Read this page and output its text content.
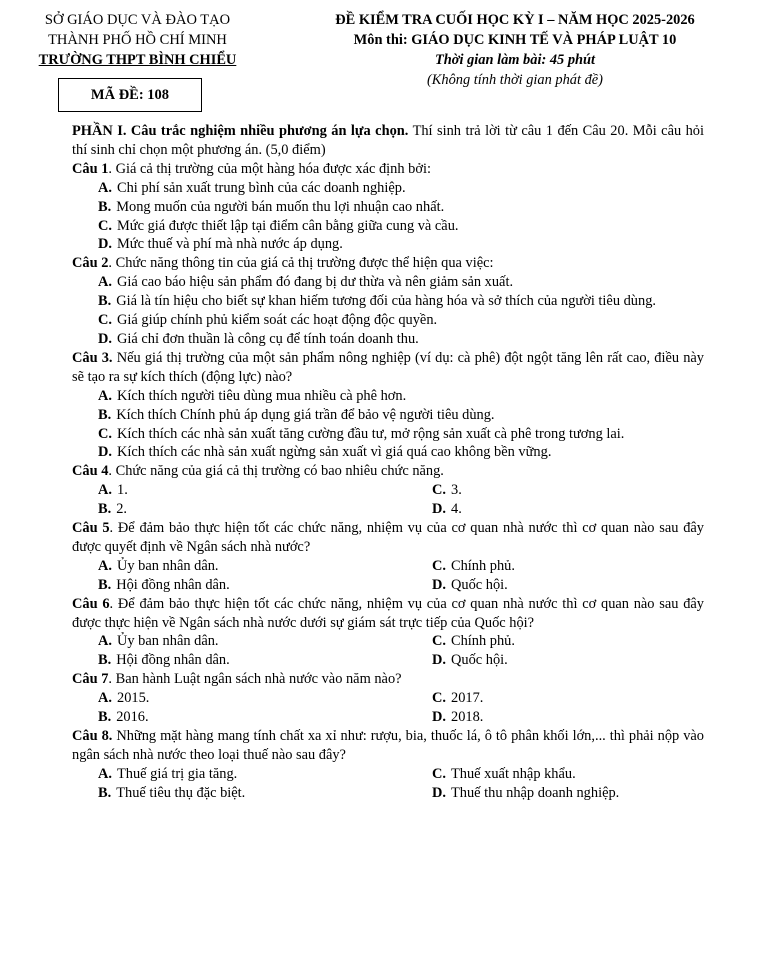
SỞ GIÁO DỤC VÀ ĐÀO TẠO
THÀNH PHỐ HỒ CHÍ MINH
TRƯỜNG THPT BÌNH CHIỂU
MÃ ĐỀ: 108
ĐỀ KIỂM TRA CUỐI HỌC KỲ I – NĂM HỌC 2025-2026
Môn thi: GIÁO DỤC KINH TẾ VÀ PHÁP LUẬT 10
Thời gian làm bài: 45 phút
(Không tính thời gian phát đề)
PHẦN I. Câu trắc nghiệm nhiều phương án lựa chọn. Thí sinh trả lời từ câu 1 đến Câu 20. Mỗi câu hỏi thí sinh chỉ chọn một phương án. (5,0 điểm)
Câu 1. Giá cả thị trường của một hàng hóa được xác định bởi:
A. Chi phí sản xuất trung bình của các doanh nghiệp.
B. Mong muốn của người bán muốn thu lợi nhuận cao nhất.
C. Mức giá được thiết lập tại điểm cân bằng giữa cung và cầu.
D. Mức thuế và phí mà nhà nước áp dụng.
Câu 2. Chức năng thông tin của giá cả thị trường được thể hiện qua việc:
A. Giá cao báo hiệu sản phẩm đó đang bị dư thừa và nên giảm sản xuất.
B. Giá là tín hiệu cho biết sự khan hiếm tương đối của hàng hóa và sở thích của người tiêu dùng.
C. Giá giúp chính phủ kiểm soát các hoạt động độc quyền.
D. Giá chỉ đơn thuần là công cụ để tính toán doanh thu.
Câu 3. Nếu giá thị trường của một sản phẩm nông nghiệp (ví dụ: cà phê) đột ngột tăng lên rất cao, điều này sẽ tạo ra sự kích thích (động lực) nào?
A. Kích thích người tiêu dùng mua nhiều cà phê hơn.
B. Kích thích Chính phủ áp dụng giá trần để bảo vệ người tiêu dùng.
C. Kích thích các nhà sản xuất tăng cường đầu tư, mở rộng sản xuất cà phê trong tương lai.
D. Kích thích các nhà sản xuất ngừng sản xuất vì giá quá cao không bền vững.
Câu 4. Chức năng của giá cả thị trường có bao nhiêu chức năng.
A. 1.	C. 3.
B. 2.	D. 4.
Câu 5. Để đảm bảo thực hiện tốt các chức năng, nhiệm vụ của cơ quan nhà nước thì cơ quan nào sau đây được quyết định về Ngân sách nhà nước?
A. Ủy ban nhân dân.	C. Chính phủ.
B. Hội đồng nhân dân.	D. Quốc hội.
Câu 6. Để đảm bảo thực hiện tốt các chức năng, nhiệm vụ của cơ quan nhà nước thì cơ quan nào sau đây được thực hiện về Ngân sách nhà nước dưới sự giám sát trực tiếp của Quốc hội?
A. Ủy ban nhân dân.	C. Chính phủ.
B. Hội đồng nhân dân.	D. Quốc hội.
Câu 7. Ban hành Luật ngân sách nhà nước vào năm nào?
A. 2015.	C. 2017.
B. 2016.	D. 2018.
Câu 8. Những mặt hàng mang tính chất xa xỉ như: rượu, bia, thuốc lá, ô tô phân khối lớn,... thì phải nộp vào ngân sách nhà nước theo loại thuế nào sau đây?
A. Thuế giá trị gia tăng.	C. Thuế xuất nhập khẩu.
B. Thuế tiêu thụ đặc biệt.	D. Thuế thu nhập doanh nghiệp.
